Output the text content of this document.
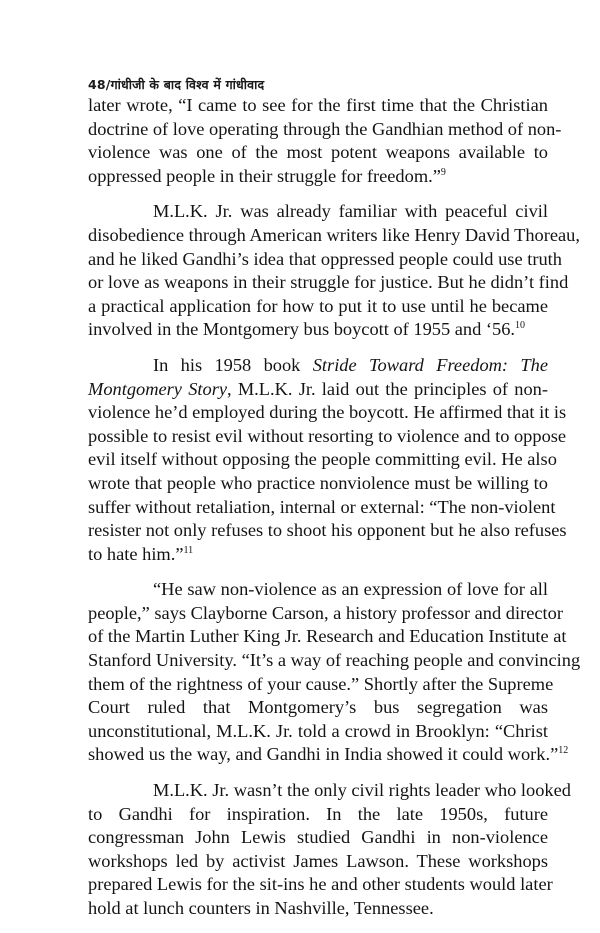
48/गांधीजी के बाद विश्व में गांधीवाद
later wrote, “I came to see for the first time that the Christian
doctrine of love operating through the Gandhian method of non-
violence was one of the most potent weapons available to
oppressed people in their struggle for freedom.”$^9$
M.L.K. Jr. was already familiar with peaceful civil
disobedience through American writers like Henry David Thoreau,
and he liked Gandhi’s idea that oppressed people could use truth
or love as weapons in their struggle for justice. But he didn’t find
a practical application for how to put it to use until he became
involved in the Montgomery bus boycott of 1955 and ‘56.10
In his 1958 book Stride Toward Freedom: The
Montgomery Story, M.L.K. Jr. laid out the principles of non-
violence he’d employed during the boycott. He affirmed that it is
possible to resist evil without resorting to violence and to oppose
evil itself without opposing the people committing evil. He also
wrote that people who practice nonviolence must be willing to
suffer without retaliation, internal or external: “The non-violent
resister not only refuses to shoot his opponent but he also refuses
to hate him.”$^{11}$
“He saw non-violence as an expression of love for all
people,” says Clayborne Carson, a history professor and director
of the Martin Luther King Jr. Research and Education Institute at
Stanford University. “It’s a way of reaching people and convincing
them of the rightness of your cause.” Shortly after the Supreme
Court ruled that Montgomery’s bus segregation was
unconstitutional, M.L.K. Jr. told a crowd in Brooklyn: “Christ
showed us the way, and Gandhi in India showed it could work.”$^{12}$
M.L.K. Jr. wasn’t the only civil rights leader who looked
to Gandhi for inspiration. In the late 1950s, future
congressman John Lewis studied Gandhi in non-violence
workshops led by activist James Lawson. These workshops
prepared Lewis for the sit-ins he and other students would later
hold at lunch counters in Nashville, Tennessee.
